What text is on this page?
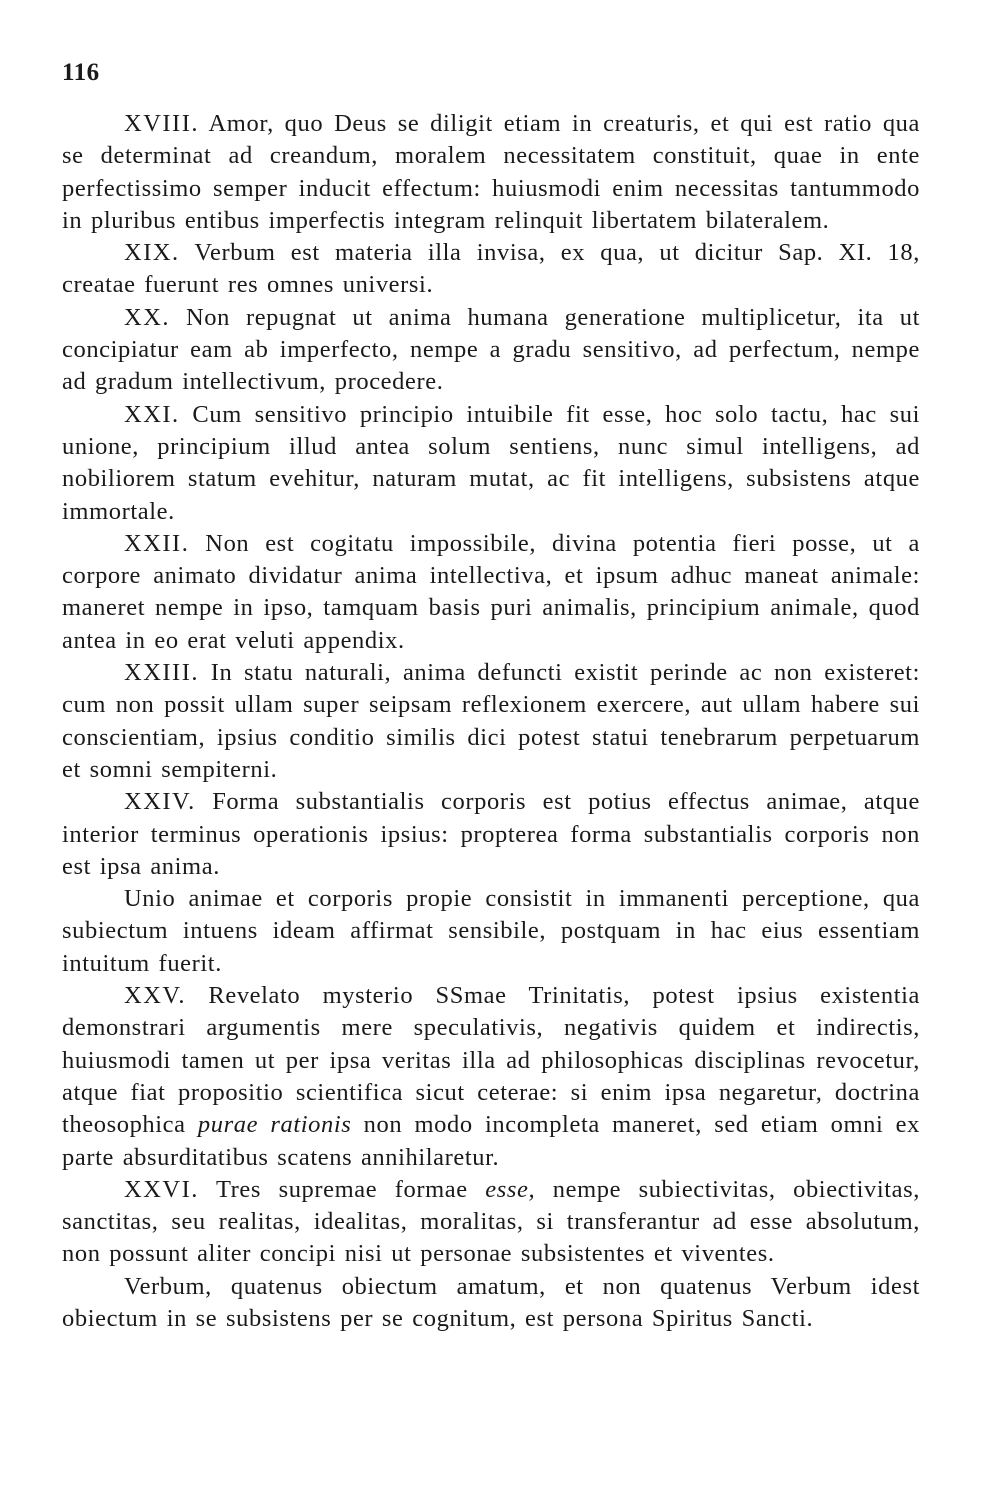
116

XVIII. Amor, quo Deus se diligit etiam in creaturis, et qui est ratio qua se determinat ad creandum, moralem necessitatem constituit, quae in ente perfectissimo semper inducit effectum: huiusmodi enim necessitas tantummodo in pluribus entibus imperfectis integram relinquit libertatem bilateralem.

XIX. Verbum est materia illa invisa, ex qua, ut dicitur Sap. XI. 18, creatae fuerunt res omnes universi.

XX. Non repugnat ut anima humana generatione multiplicetur, ita ut concipiatur eam ab imperfecto, nempe a gradu sensitivo, ad perfectum, nempe ad gradum intellectivum, procedere.

XXI. Cum sensitivo principio intuibile fit esse, hoc solo tactu, hac sui unione, principium illud antea solum sentiens, nunc simul intelligens, ad nobiliorem statum evehitur, naturam mutat, ac fit intelligens, subsistens atque immortale.

XXII. Non est cogitatu impossibile, divina potentia fieri posse, ut a corpore animato dividatur anima intellectiva, et ipsum adhuc maneat animale: maneret nempe in ipso, tamquam basis puri animalis, principium animale, quod antea in eo erat veluti appendix.

XXIII. In statu naturali, anima defuncti existit perinde ac non existeret: cum non possit ullam super seipsam reflexionem exercere, aut ullam habere sui conscientiam, ipsius conditio similis dici potest statui tenebrarum perpetuarum et somni sempiterni.

XXIV. Forma substantialis corporis est potius effectus animae, atque interior terminus operationis ipsius: propterea forma substantialis corporis non est ipsa anima.

Unio animae et corporis propie consistit in immanenti perceptione, qua subiectum intuens ideam affirmat sensibile, postquam in hac eius essentiam intuitum fuerit.

XXV. Revelato mysterio SSmae Trinitatis, potest ipsius existentia demonstrari argumentis mere speculativis, negativis quidem et indirectis, huiusmodi tamen ut per ipsa veritas illa ad philosophicas disciplinas revocetur, atque fiat propositio scientifica sicut ceterae: si enim ipsa negaretur, doctrina theosophica purae rationis non modo incompleta maneret, sed etiam omni ex parte absurditatibus scatens annihilaretur.

XXVI. Tres supremae formae esse, nempe subiectivitas, obiectivitas, sanctitas, seu realitas, idealitas, moralitas, si transferantur ad esse absolutum, non possunt aliter concipi nisi ut personae subsistentes et viventes.

Verbum, quatenus obiectum amatum, et non quatenus Verbum idest obiectum in se subsistens per se cognitum, est persona Spiritus Sancti.
